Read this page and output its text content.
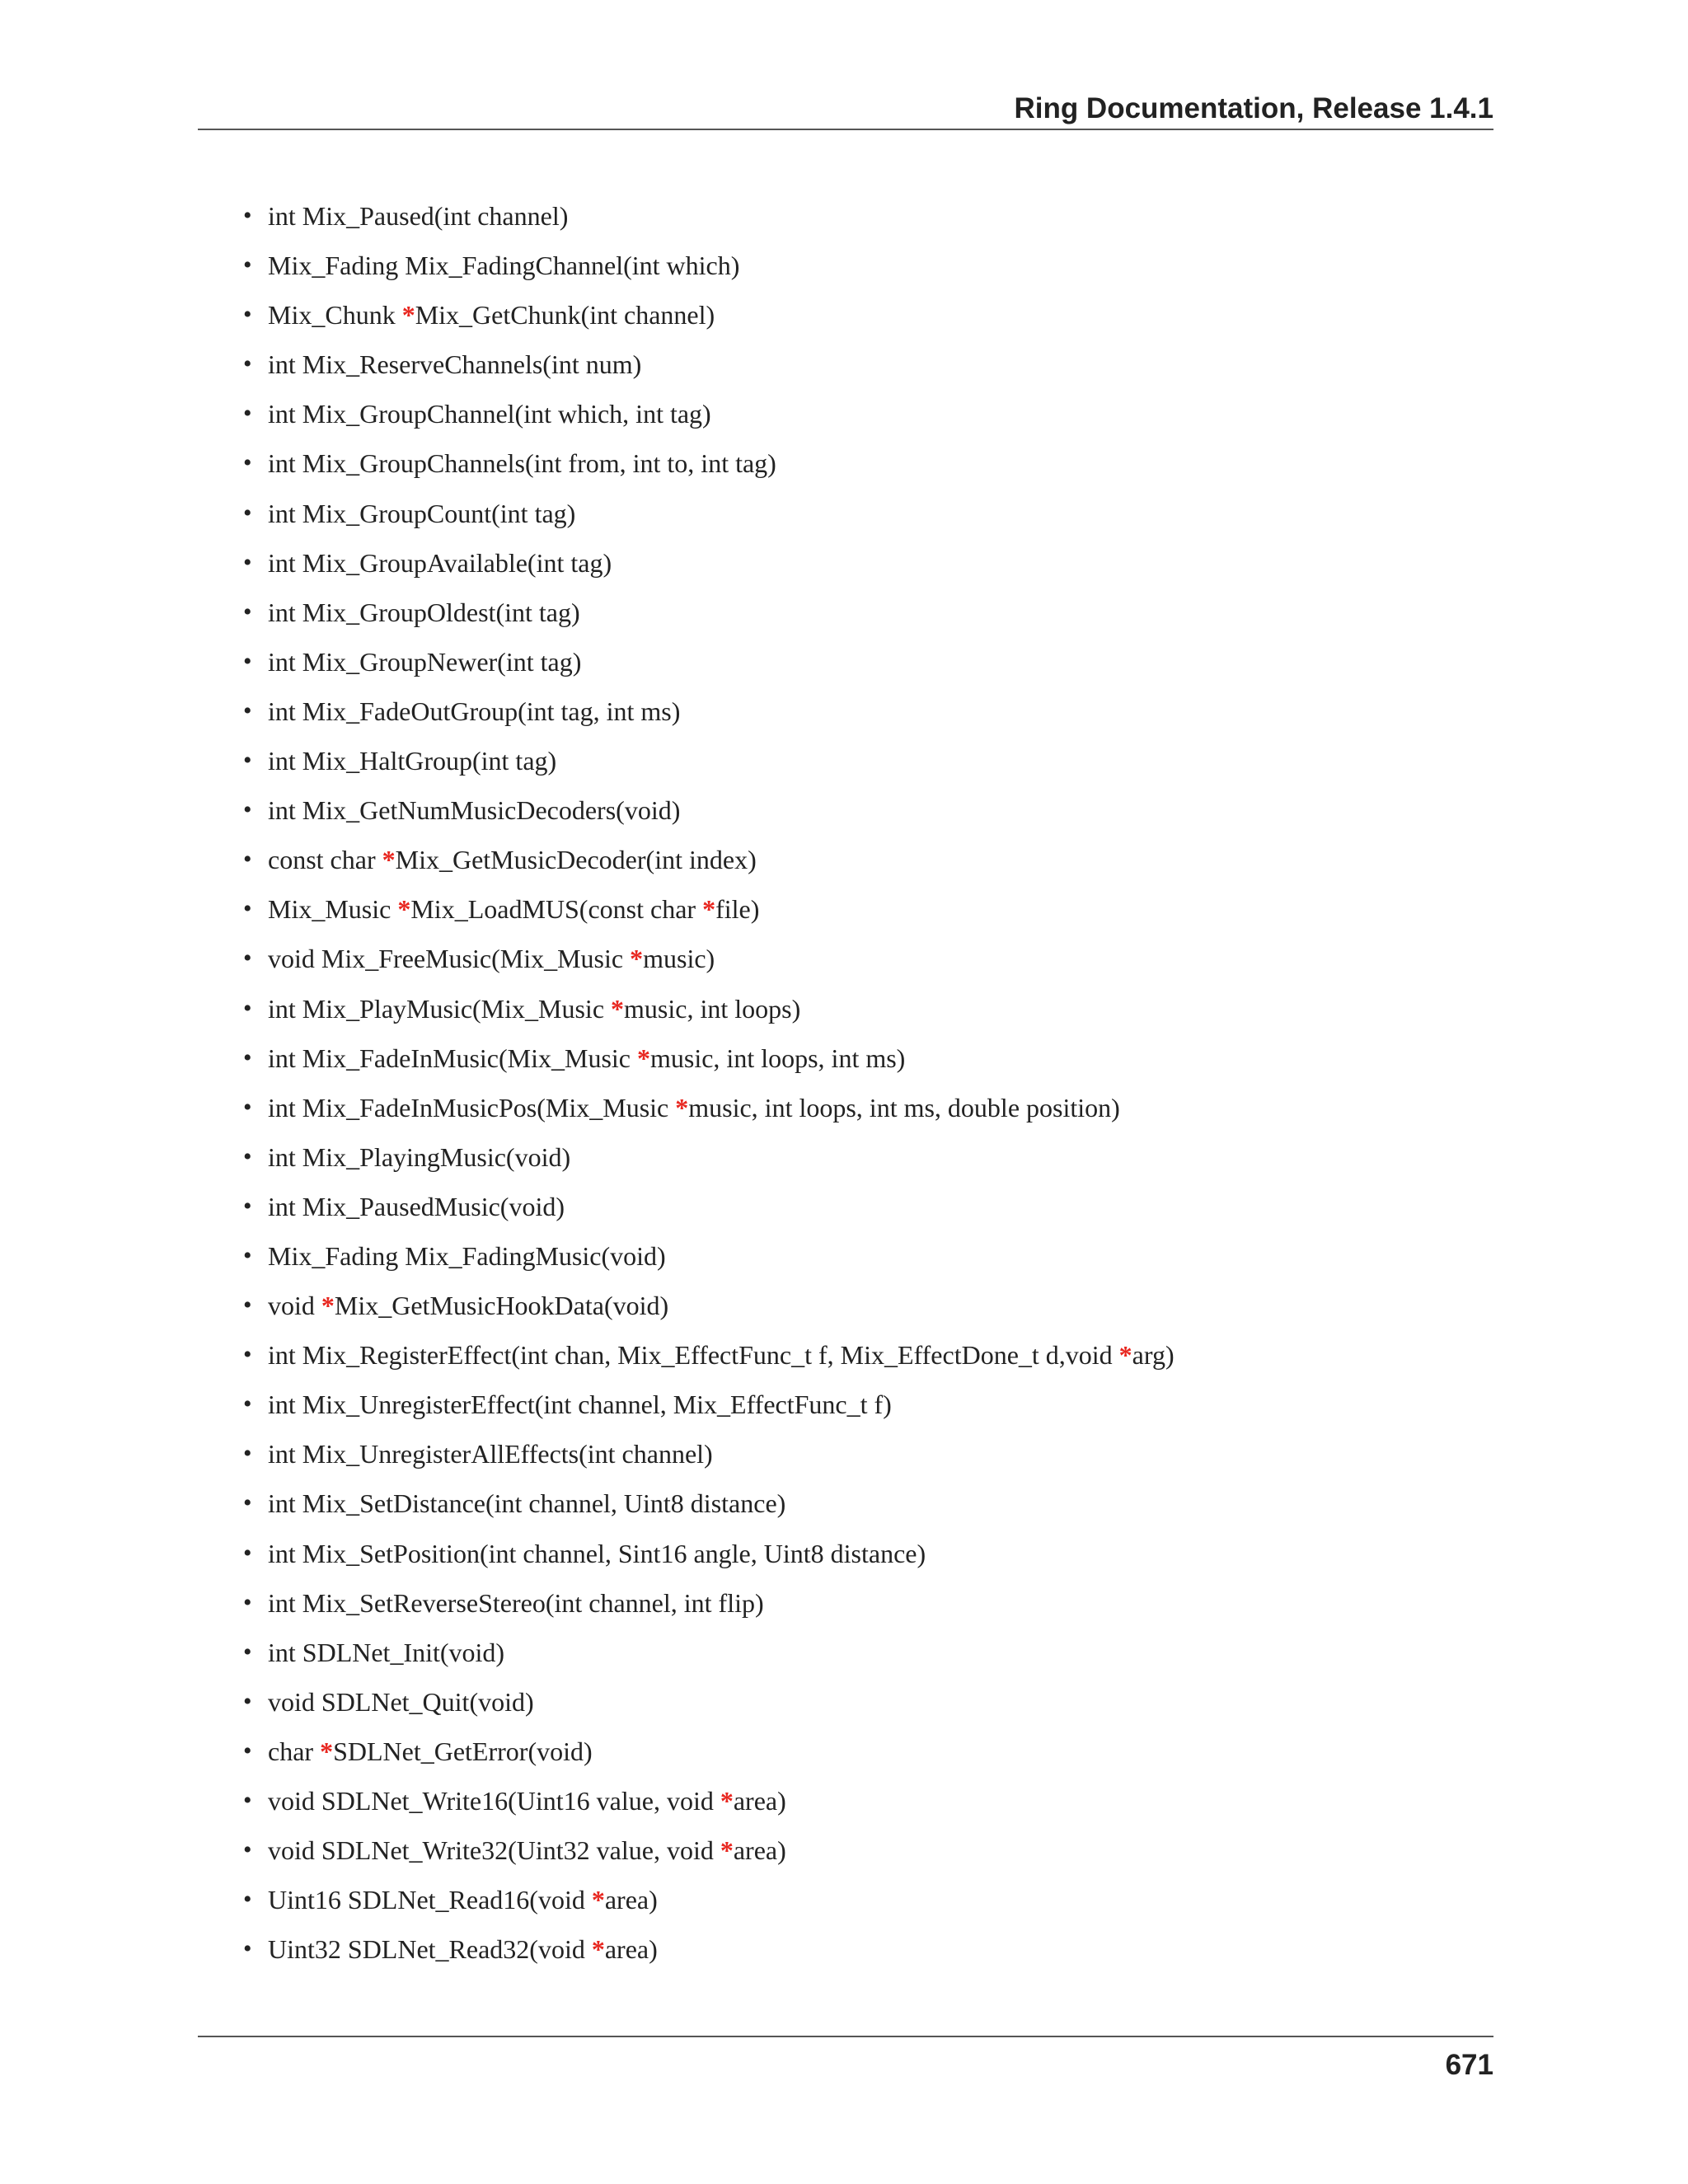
Ring Documentation, Release 1.4.1
• int Mix_Paused(int channel)
• Mix_Fading Mix_FadingChannel(int which)
• Mix_Chunk *Mix_GetChunk(int channel)
• int Mix_ReserveChannels(int num)
• int Mix_GroupChannel(int which, int tag)
• int Mix_GroupChannels(int from, int to, int tag)
• int Mix_GroupCount(int tag)
• int Mix_GroupAvailable(int tag)
• int Mix_GroupOldest(int tag)
• int Mix_GroupNewer(int tag)
• int Mix_FadeOutGroup(int tag, int ms)
• int Mix_HaltGroup(int tag)
• int Mix_GetNumMusicDecoders(void)
• const char *Mix_GetMusicDecoder(int index)
• Mix_Music *Mix_LoadMUS(const char *file)
• void Mix_FreeMusic(Mix_Music *music)
• int Mix_PlayMusic(Mix_Music *music, int loops)
• int Mix_FadeInMusic(Mix_Music *music, int loops, int ms)
• int Mix_FadeInMusicPos(Mix_Music *music, int loops, int ms, double position)
• int Mix_PlayingMusic(void)
• int Mix_PausedMusic(void)
• Mix_Fading Mix_FadingMusic(void)
• void *Mix_GetMusicHookData(void)
• int Mix_RegisterEffect(int chan, Mix_EffectFunc_t f, Mix_EffectDone_t d,void *arg)
• int Mix_UnregisterEffect(int channel, Mix_EffectFunc_t f)
• int Mix_UnregisterAllEffects(int channel)
• int Mix_SetDistance(int channel, Uint8 distance)
• int Mix_SetPosition(int channel, Sint16 angle, Uint8 distance)
• int Mix_SetReverseStereo(int channel, int flip)
• int SDLNet_Init(void)
• void SDLNet_Quit(void)
• char *SDLNet_GetError(void)
• void SDLNet_Write16(Uint16 value, void *area)
• void SDLNet_Write32(Uint32 value, void *area)
• Uint16 SDLNet_Read16(void *area)
• Uint32 SDLNet_Read32(void *area)
671
